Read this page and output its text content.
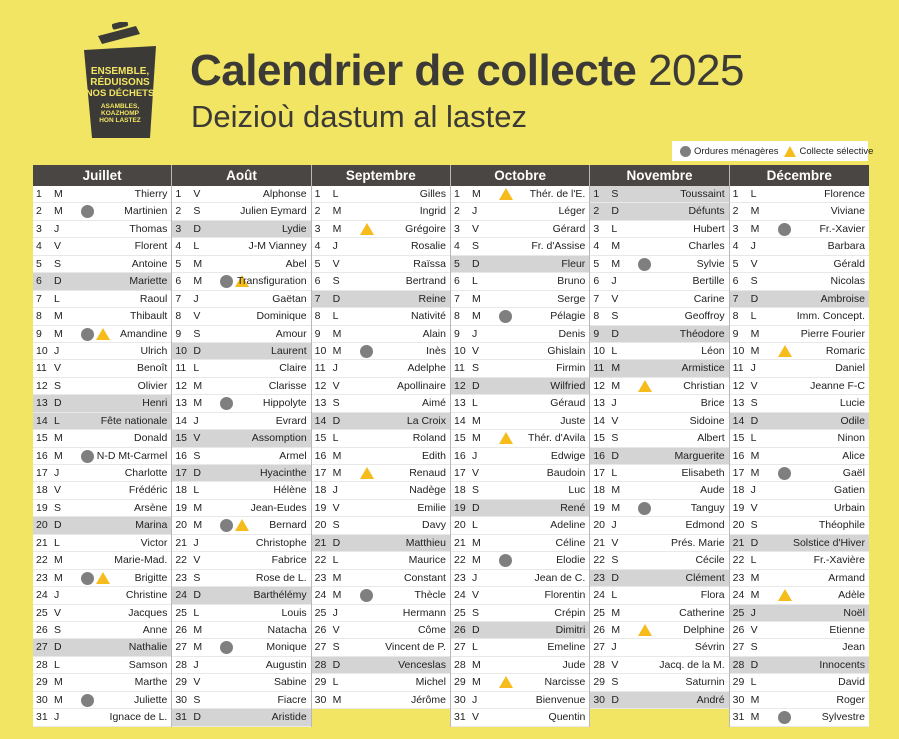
ENSEMBLE,
RÉDUISONS
NOS DÉCHETS
ASAMBLES,
KOAZHOMP
HON LASTEZ
Calendrier de collecte 2025
Deizioù dastum al lastez
Ordures ménagères Collecte sélective
Juillet
1 M	Thierry
2 M	Martinien
3 J	Thomas
4 V	Florent
5 S	Antoine
6 D	Mariette
7 L	Raoul
8 M	Thibault
9 M	Amandine
10 J	Ulrich
11 V	Benoît
12 S	Olivier
13 D	Henri
14 L	Fête nationale
15 M	Donald
16 M	N-D Mt-Carmel
17 J	Charlotte
18 V	Frédéric
19 S	Arsène
20 D	Marina
21 L	Victor
22 M	Marie-Mad.
23 M	Brigitte
24 J	Christine
25 V	Jacques
26 S	Anne
27 D	Nathalie
28 L	Samson
29 M	Marthe
30 M	Juliette
31 J	Ignace de L.
Août
1 V	Alphonse
2 S	Julien Eymard
3 D	Lydie
4 L	J-M Vianney
5 M	Abel
6 M	Transfiguration
7 J	Gaëtan
8 V	Dominique
9 S	Amour
10 D	Laurent
11 L	Claire
12 M	Clarisse
13 M	Hippolyte
14 J	Evrard
15 V	Assomption
16 S	Armel
17 D	Hyacinthe
18 L	Hélène
19 M	Jean-Eudes
20 M	Bernard
21 J	Christophe
22 V	Fabrice
23 S	Rose de L.
24 D	Barthélémy
25 L	Louis
26 M	Natacha
27 M	Monique
28 J	Augustin
29 V	Sabine
30 S	Fiacre
31 D	Aristide
Septembre
1 L	Gilles
2 M	Ingrid
3 M	Grégoire
4 J	Rosalie
5 V	Raïssa
6 S	Bertrand
7 D	Reine
8 L	Nativité
9 M	Alain
10 M	Inès
11 J	Adelphe
12 V	Apollinaire
13 S	Aimé
14 D	La Croix
15 L	Roland
16 M	Edith
17 M	Renaud
18 J	Nadège
19 V	Emilie
20 S	Davy
21 D	Matthieu
22 L	Maurice
23 M	Constant
24 M	Thècle
25 J	Hermann
26 V	Côme
27 S	Vincent de P.
28 D	Venceslas
29 L	Michel
30 M	Jérôme
Octobre
1 M	Thér. de l'E.
2 J	Léger
3 V	Gérard
4 S	Fr. d'Assise
5 D	Fleur
6 L	Bruno
7 M	Serge
8 M	Pélagie
9 J	Denis
10 V	Ghislain
11 S	Firmin
12 D	Wilfried
13 L	Géraud
14 M	Juste
15 M	Thér. d'Avila
16 J	Edwige
17 V	Baudoin
18 S	Luc
19 D	René
20 L	Adeline
21 M	Céline
22 M	Elodie
23 J	Jean de C.
24 V	Florentin
25 S	Crépin
26 D	Dimitri
27 L	Emeline
28 M	Jude
29 M	Narcisse
30 J	Bienvenue
31 V	Quentin
Novembre
1 S	Toussaint
2 D	Défunts
3 L	Hubert
4 M	Charles
5 M	Sylvie
6 J	Bertille
7 V	Carine
8 S	Geoffroy
9 D	Théodore
10 L	Léon
11 M	Armistice
12 M	Christian
13 J	Brice
14 V	Sidoine
15 S	Albert
16 D	Marguerite
17 L	Elisabeth
18 M	Aude
19 M	Tanguy
20 J	Edmond
21 V	Prés. Marie
22 S	Cécile
23 D	Clément
24 L	Flora
25 M	Catherine
26 M	Delphine
27 J	Sévrin
28 V	Jacq. de la M.
29 S	Saturnin
30 D	André
Décembre
1 L	Florence
2 M	Viviane
3 M	Fr.-Xavier
4 J	Barbara
5 V	Gérald
6 S	Nicolas
7 D	Ambroise
8 L	Imm. Concept.
9 M	Pierre Fourier
10 M	Romaric
11 J	Daniel
12 V	Jeanne F-C
13 S	Lucie
14 D	Odile
15 L	Ninon
16 M	Alice
17 M	Gaël
18 J	Gatien
19 V	Urbain
20 S	Théophile
21 D	Solstice d'Hiver
22 L	Fr.-Xavière
23 M	Armand
24 M	Adèle
25 J	Noël
26 V	Etienne
27 S	Jean
28 D	Innocents
29 L	David
30 M	Roger
31 M	Sylvestre
